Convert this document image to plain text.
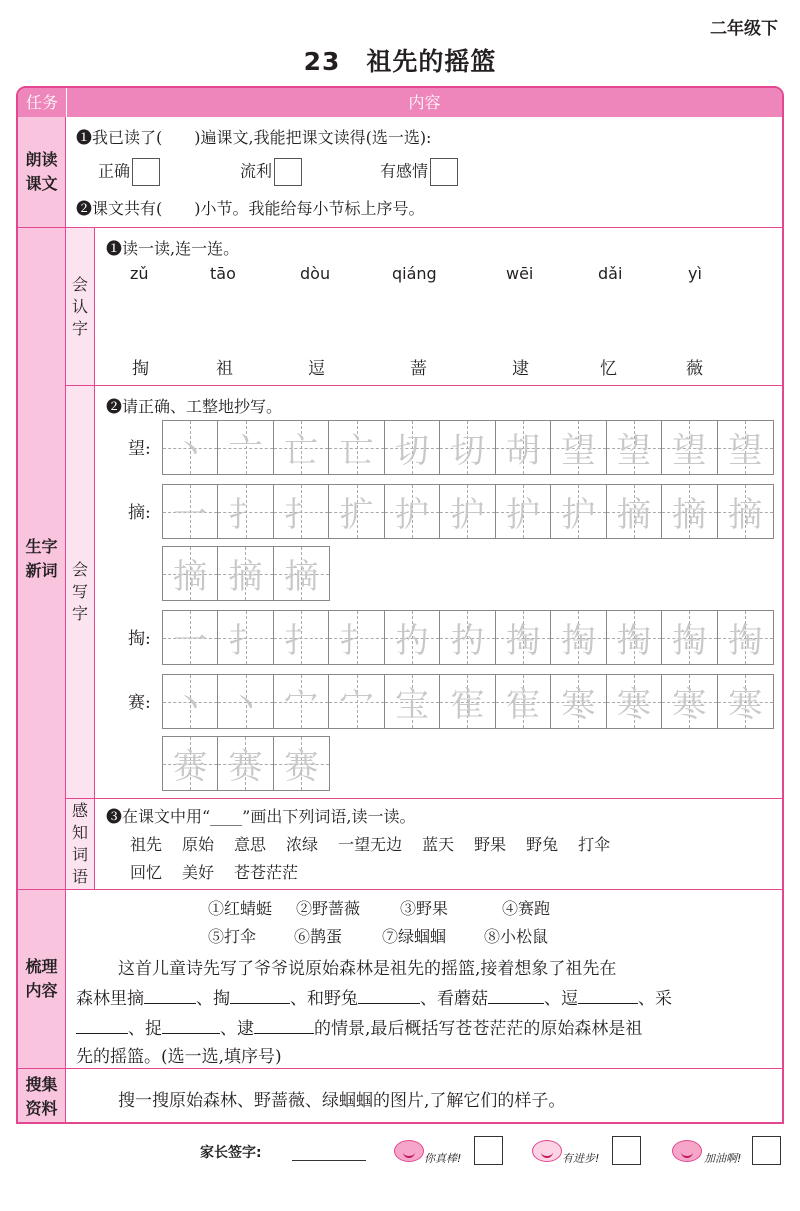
二年级下
23 祖先的摇篮
任务	内容
朗读课文
❶我已读了(　　)遍课文,我能把课文读得(选一选):
正确	流利	有感情
❷课文共有(　　)小节。我能给每小节标上序号。
生字新词
会认字
❶读一读,连一连。
zǔ	tāo	dòu	qiáng	wēi	dǎi	yì
掏	祖	逗	蔷	逮	忆	薇
会写字
❷请正确、工整地抄写。
望: 丶 亠 亡 亡 切 切 胡 望 望 望 望
摘: 一 扌 扌 扩 护 护 护 护 摘 摘 摘
摘 摘 摘
掏: 一 扌 扌 扌 扚 扚 掏 掏 掏 掏 掏
赛: 丶 丶 宀 宀 宝 寉 寉 寒 寒 寒 寒
赛 赛 赛
感知词语
❸在课文中用“____”画出下列词语,读一读。
祖先 原始 意思 浓绿 一望无边 蓝天 野果 野兔 打伞
回忆 美好 苍苍茫茫
梳理内容
①红蜻蜓 ②野蔷薇	③野果	④赛跑
⑤打伞 ⑥鹊蛋	⑦绿蝈蝈 ⑧小松鼠
这首儿童诗先写了爷爷说原始森林是祖先的摇篮,接着想象了祖先在
森林里摘	、掏	、和野兔	、看蘑菇	、逗	、采
、捉	、逮	的情景,最后概括写苍苍茫茫的原始森林是祖
先的摇篮。(选一选,填序号)
搜集资料	搜一搜原始森林、野蔷薇、绿蝈蝈的图片,了解它们的样子。
家长签字:	你真棒!	有进步!	加油啊!
